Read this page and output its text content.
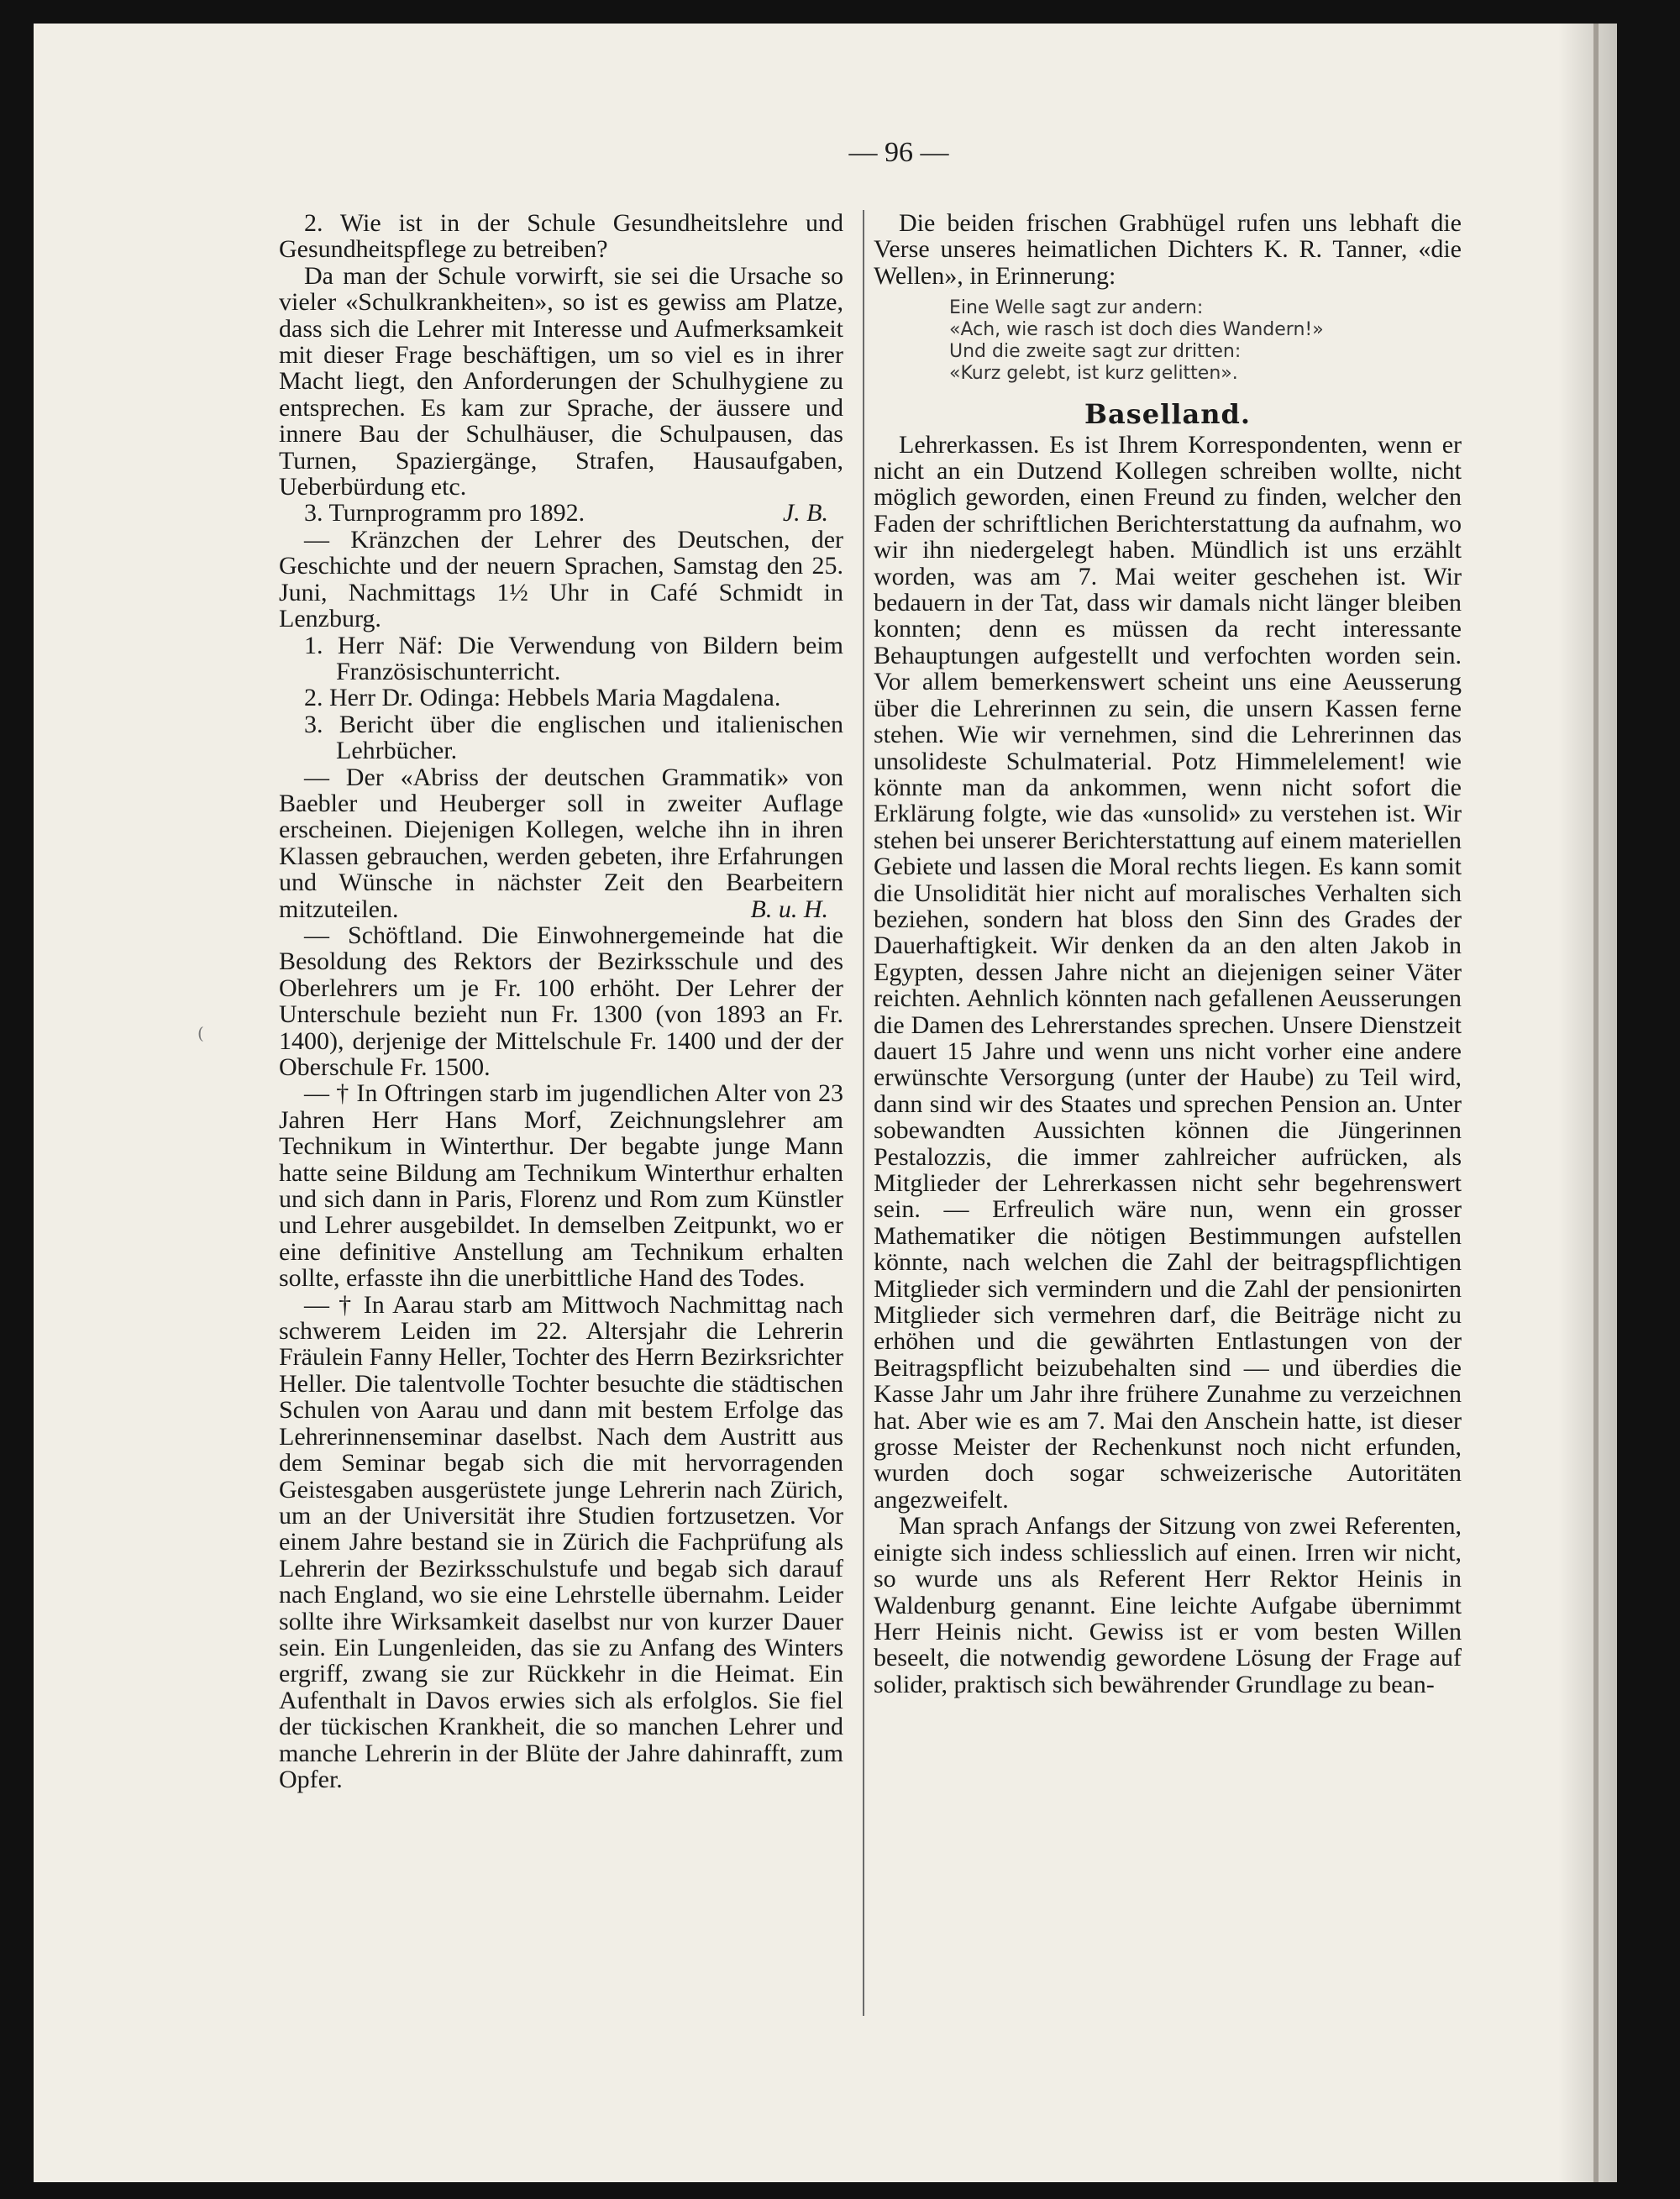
— 96 —

(

2. Wie ist in der Schule Gesundheitslehre und Gesundheitspflege zu betreiben?

Da man der Schule vorwirft, sie sei die Ursache so vieler «Schulkrankheiten», so ist es gewiss am Platze, dass sich die Lehrer mit Interesse und Aufmerksamkeit mit dieser Frage beschäftigen, um so viel es in ihrer Macht liegt, den Anforderungen der Schulhygiene zu entsprechen. Es kam zur Sprache, der äussere und innere Bau der Schulhäuser, die Schulpausen, das Turnen, Spaziergänge, Strafen, Hausaufgaben, Ueberbürdung etc.

3. Turnprogramm pro 1892.	J. B.

— Kränzchen der Lehrer des Deutschen, der Geschichte und der neuern Sprachen, Samstag den 25. Juni, Nachmittags 1½ Uhr in Café Schmidt in Lenzburg.

1. Herr Näf: Die Verwendung von Bildern beim Französischunterricht.

2. Herr Dr. Odinga: Hebbels Maria Magdalena.

3. Bericht über die englischen und italienischen Lehrbücher.

— Der «Abriss der deutschen Grammatik» von Baebler und Heuberger soll in zweiter Auflage erscheinen. Diejenigen Kollegen, welche ihn in ihren Klassen gebrauchen, werden gebeten, ihre Erfahrungen und Wünsche in nächster Zeit den Bearbeitern mitzuteilen.	B. u. H.

— Schöftland. Die Einwohnergemeinde hat die Besoldung des Rektors der Bezirksschule und des Oberlehrers um je Fr. 100 erhöht. Der Lehrer der Unterschule bezieht nun Fr. 1300 (von 1893 an Fr. 1400), derjenige der Mittelschule Fr. 1400 und der der Oberschule Fr. 1500.

— † In Oftringen starb im jugendlichen Alter von 23 Jahren Herr Hans Morf, Zeichnungslehrer am Technikum in Winterthur. Der begabte junge Mann hatte seine Bildung am Technikum Winterthur erhalten und sich dann in Paris, Florenz und Rom zum Künstler und Lehrer ausgebildet. In demselben Zeitpunkt, wo er eine definitive Anstellung am Technikum erhalten sollte, erfasste ihn die unerbittliche Hand des Todes.

— † In Aarau starb am Mittwoch Nachmittag nach schwerem Leiden im 22. Altersjahr die Lehrerin Fräulein Fanny Heller, Tochter des Herrn Bezirksrichter Heller. Die talentvolle Tochter besuchte die städtischen Schulen von Aarau und dann mit bestem Erfolge das Lehrerinnenseminar daselbst. Nach dem Austritt aus dem Seminar begab sich die mit hervorragenden Geistesgaben ausgerüstete junge Lehrerin nach Zürich, um an der Universität ihre Studien fortzusetzen. Vor einem Jahre bestand sie in Zürich die Fachprüfung als Lehrerin der Bezirksschulstufe und begab sich darauf nach England, wo sie eine Lehrstelle übernahm. Leider sollte ihre Wirksamkeit daselbst nur von kurzer Dauer sein. Ein Lungenleiden, das sie zu Anfang des Winters ergriff, zwang sie zur Rückkehr in die Heimat. Ein Aufenthalt in Davos erwies sich als erfolglos. Sie fiel der tückischen Krankheit, die so manchen Lehrer und manche Lehrerin in der Blüte der Jahre dahinrafft, zum Opfer.

Die beiden frischen Grabhügel rufen uns lebhaft die Verse unseres heimatlichen Dichters K. R. Tanner, «die Wellen», in Erinnerung:

Eine Welle sagt zur andern:
«Ach, wie rasch ist doch dies Wandern!»
Und die zweite sagt zur dritten:
«Kurz gelebt, ist kurz gelitten».
Baselland.

Lehrerkassen. Es ist Ihrem Korrespondenten, wenn er nicht an ein Dutzend Kollegen schreiben wollte, nicht möglich geworden, einen Freund zu finden, welcher den Faden der schriftlichen Berichterstattung da aufnahm, wo wir ihn niedergelegt haben. Mündlich ist uns erzählt worden, was am 7. Mai weiter geschehen ist. Wir bedauern in der Tat, dass wir damals nicht länger bleiben konnten; denn es müssen da recht interessante Behauptungen aufgestellt und verfochten worden sein. Vor allem bemerkenswert scheint uns eine Aeusserung über die Lehrerinnen zu sein, die unsern Kassen ferne stehen. Wie wir vernehmen, sind die Lehrerinnen das unsolideste Schulmaterial. Potz Himmelelement! wie könnte man da ankommen, wenn nicht sofort die Erklärung folgte, wie das «unsolid» zu verstehen ist. Wir stehen bei unserer Berichterstattung auf einem materiellen Gebiete und lassen die Moral rechts liegen. Es kann somit die Unsolidität hier nicht auf moralisches Verhalten sich beziehen, sondern hat bloss den Sinn des Grades der Dauerhaftigkeit. Wir denken da an den alten Jakob in Egypten, dessen Jahre nicht an diejenigen seiner Väter reichten. Aehnlich könnten nach gefallenen Aeusserungen die Damen des Lehrerstandes sprechen. Unsere Dienstzeit dauert 15 Jahre und wenn uns nicht vorher eine andere erwünschte Versorgung (unter der Haube) zu Teil wird, dann sind wir des Staates und sprechen Pension an. Unter sobewandten Aussichten können die Jüngerinnen Pestalozzis, die immer zahlreicher aufrücken, als Mitglieder der Lehrerkassen nicht sehr begehrenswert sein. — Erfreulich wäre nun, wenn ein grosser Mathematiker die nötigen Bestimmungen aufstellen könnte, nach welchen die Zahl der beitragspflichtigen Mitglieder sich vermindern und die Zahl der pensionirten Mitglieder sich vermehren darf, die Beiträge nicht zu erhöhen und die gewährten Entlastungen von der Beitragspflicht beizubehalten sind — und überdies die Kasse Jahr um Jahr ihre frühere Zunahme zu verzeichnen hat. Aber wie es am 7. Mai den Anschein hatte, ist dieser grosse Meister der Rechenkunst noch nicht erfunden, wurden doch sogar schweizerische Autoritäten angezweifelt.

Man sprach Anfangs der Sitzung von zwei Referenten, einigte sich indess schliesslich auf einen. Irren wir nicht, so wurde uns als Referent Herr Rektor Heinis in Waldenburg genannt. Eine leichte Aufgabe übernimmt Herr Heinis nicht. Gewiss ist er vom besten Willen beseelt, die notwendig gewordene Lösung der Frage auf solider, praktisch sich bewährender Grundlage zu bean-
